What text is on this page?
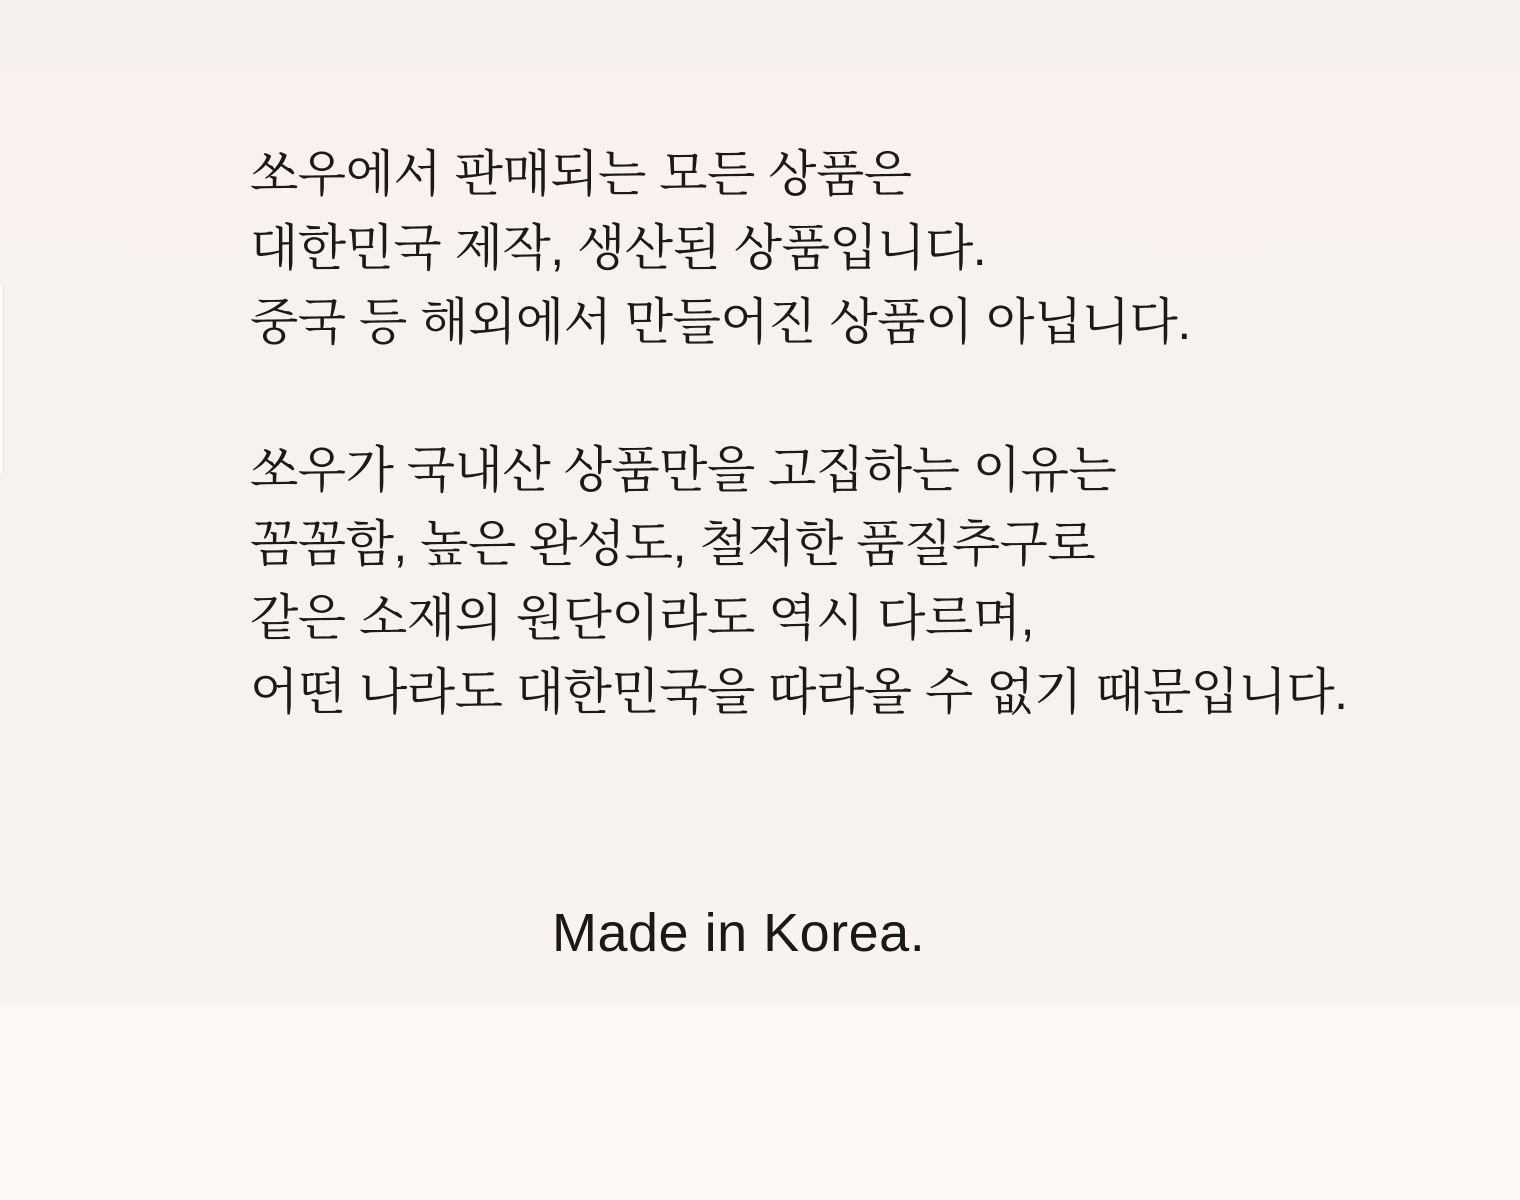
쏘우에서 판매되는 모든 상품은

대한민국 제작, 생산된 상품입니다.

중국 등 해외에서 만들어진 상품이 아닙니다.

쏘우가 국내산 상품만을 고집하는 이유는

꼼꼼함, 높은 완성도, 철저한 품질추구로

같은 소재의 원단이라도 역시 다르며,

어떤 나라도 대한민국을 따라올 수 없기 때문입니다.

Made in Korea.
